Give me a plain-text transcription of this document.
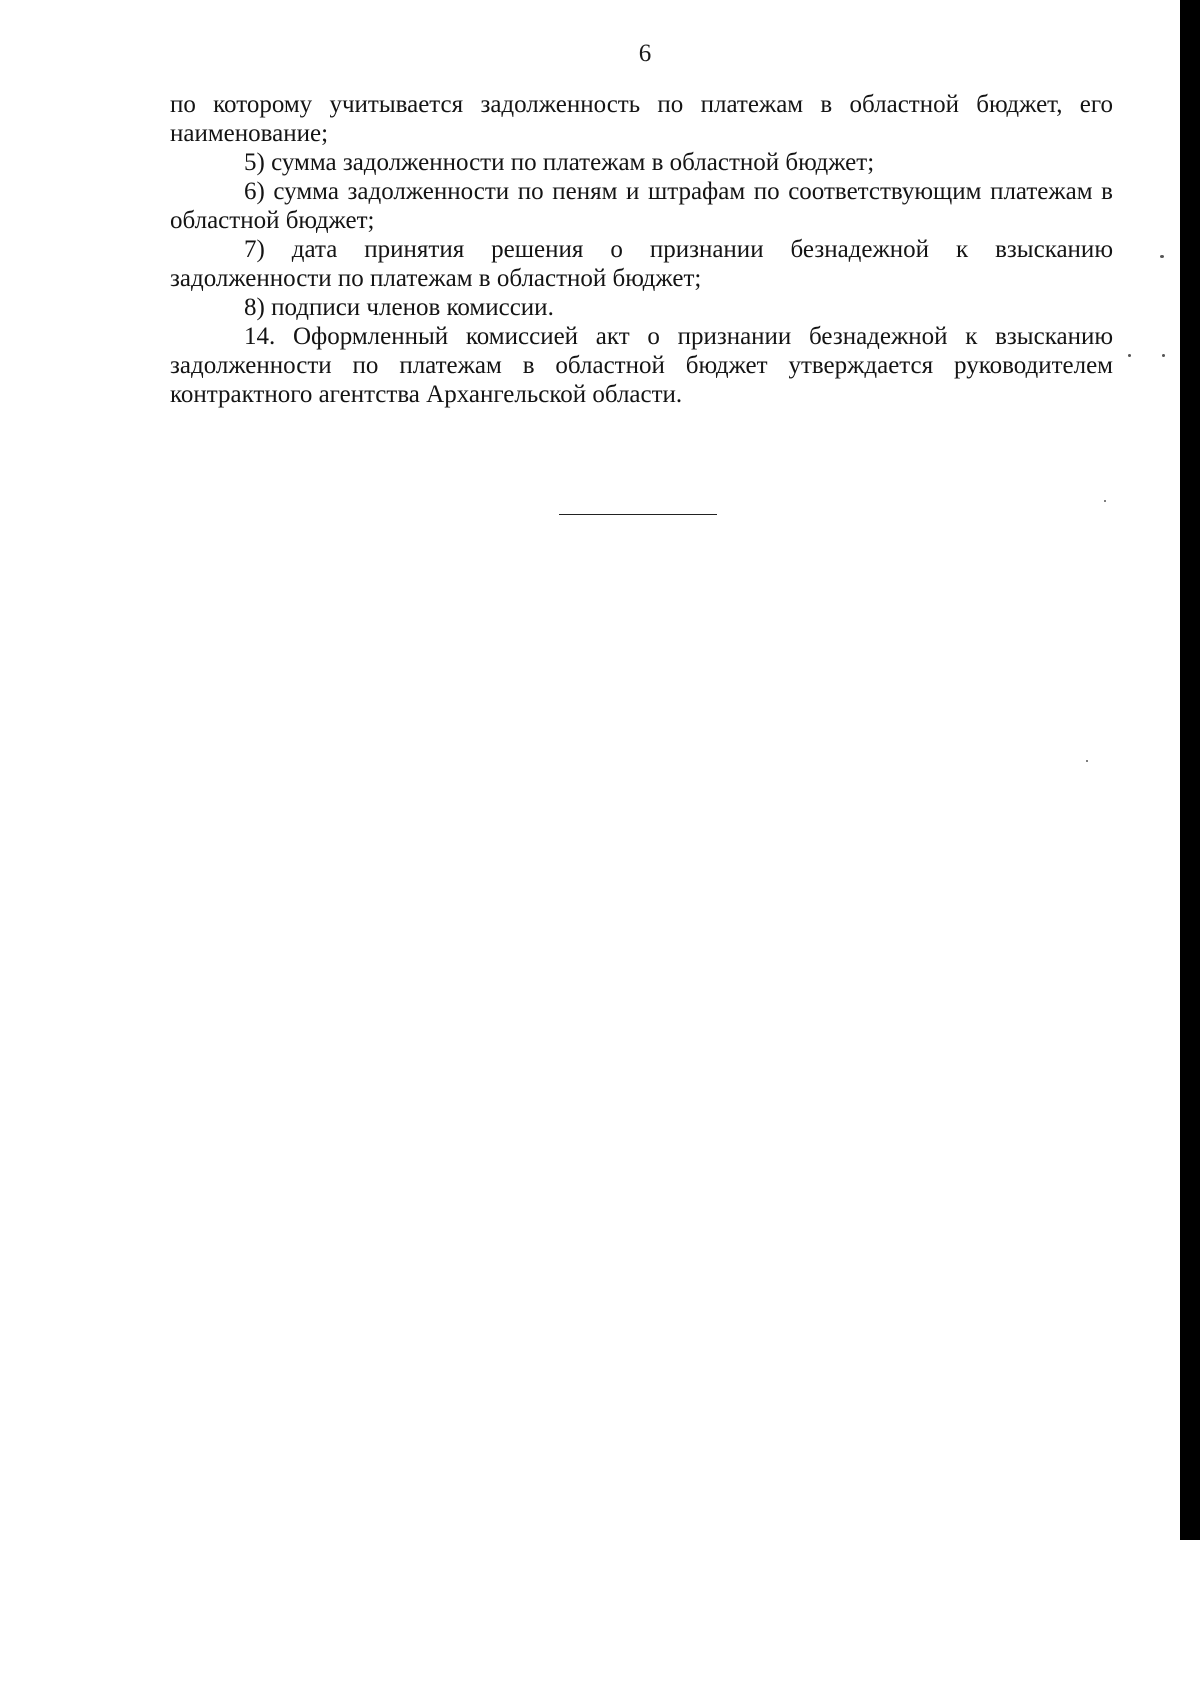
6

по которому учитывается задолженность по платежам в областной бюджет, его наименование;

5) сумма задолженности по платежам в областной бюджет;

6) сумма задолженности по пеням и штрафам по соответствующим платежам в областной бюджет;

7) дата принятия решения о признании безнадежной к взысканию задолженности по платежам в областной бюджет;

8) подписи членов комиссии.

14. Оформленный комиссией акт о признании безнадежной к взысканию задолженности по платежам в областной бюджет утверждается руководителем контрактного агентства Архангельской области.
